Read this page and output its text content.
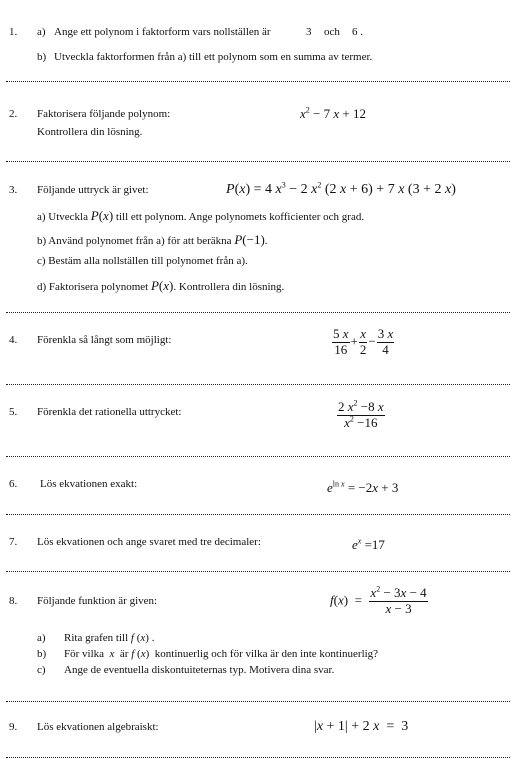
1. a) Ange ett polynom i faktorform vars nollställen är	3 och 6 .
b) Utveckla faktorformen från a) till ett polynom som en summa av termer.
2. Faktorisera följande polynom:	$x^2 - 7$ x + 12
Kontrollera din lösning.
3. Följande uttryck är givet:	P(x) = 4 $x^3 - 2$ $x^2$ (2 x + 6) + 7 x (3 + 2 x)
a) Utveckla P(x) till ett polynom. Ange polynomets kofficienter och grad.
b) Använd polynomet från a) för att beräkna P(−1).
c) Bestäm alla nollställen till polynomet från a).
d) Faktorisera polynomet P(x). Kontrollera din lösning.
4. Förenkla så långt som möjligt:	$\frac{5 x}{16} + \frac{x}{2} - \frac{3 x}{4}$
5. Förenkla det rationella uttrycket:	$\frac{2 x^2 -8 x}{x^2 -16}$
6. Lös ekvationen exakt:	$e^{ln x} = -2x + 3$
7. Lös ekvationen och ange svaret med tre decimaler:	$e^x =17$
8. Följande funktion är given:	$f(x) = \frac{x^2 - 3x - 4}{x - 3}$
a) Rita grafen till f (x) .
b) För vilka x är f (x)  kontinuerlig och för vilka är den inte kontinuerlig?
c) Ange de eventuella diskontuiteternas typ. Motivera dina svar.
9. Lös ekvationen algebraiskt:	|x + 1| + 2 x  =  3
